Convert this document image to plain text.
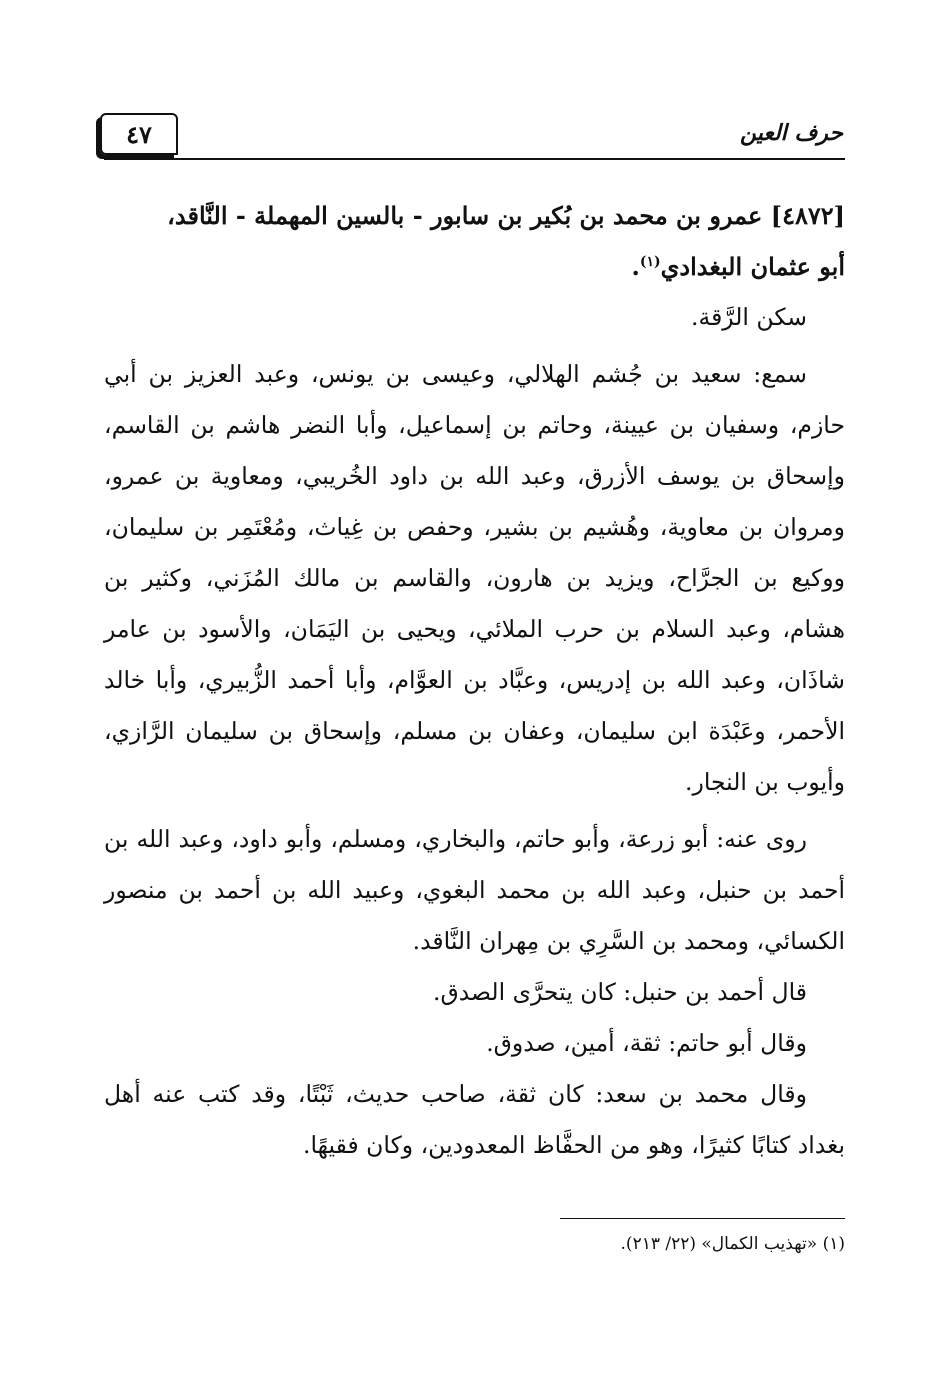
٤٧	حرف العين

[٤٨٧٢] عمرو بن محمد بن بُكير بن سابور - بالسين المهملة - النَّاقد،

أبو عثمان البغدادي$^{(١)}$.

سكن الرَّقة.

سمع: سعيد بن جُشم الهلالي، وعيسى بن يونس، وعبد العزيز بن أبي حازم، وسفيان بن عيينة، وحاتم بن إسماعيل، وأبا النضر هاشم بن القاسم، وإسحاق بن يوسف الأزرق، وعبد الله بن داود الخُريبي، ومعاوية بن عمرو، ومروان بن معاوية، وهُشيم بن بشير، وحفص بن غِياث، ومُعْتَمِر بن سليمان، ووكيع بن الجرَّاح، ويزيد بن هارون، والقاسم بن مالك المُزَني، وكثير بن هشام، وعبد السلام بن حرب الملائي، ويحيى بن اليَمَان، والأسود بن عامر شاذَان، وعبد الله بن إدريس، وعبَّاد بن العوَّام، وأبا أحمد الزُّبيري، وأبا خالد الأحمر، وعَبْدَة ابن سليمان، وعفان بن مسلم، وإسحاق بن سليمان الرَّازي، وأيوب بن النجار.

روى عنه: أبو زرعة، وأبو حاتم، والبخاري، ومسلم، وأبو داود، وعبد الله بن أحمد بن حنبل، وعبد الله بن محمد البغوي، وعبيد الله بن أحمد بن منصور الكسائي، ومحمد بن السَّرِي بن مِهران النَّاقد.

قال أحمد بن حنبل: كان يتحرَّى الصدق.

وقال أبو حاتم: ثقة، أمين، صدوق.

وقال محمد بن سعد: كان ثقة، صاحب حديث، ثَبْتًا، وقد كتب عنه أهل بغداد كتابًا كثيرًا، وهو من الحفَّاظ المعدودين، وكان فقيهًا.

(١) «تهذيب الكمال» (٢٢/ ٢١٣).
